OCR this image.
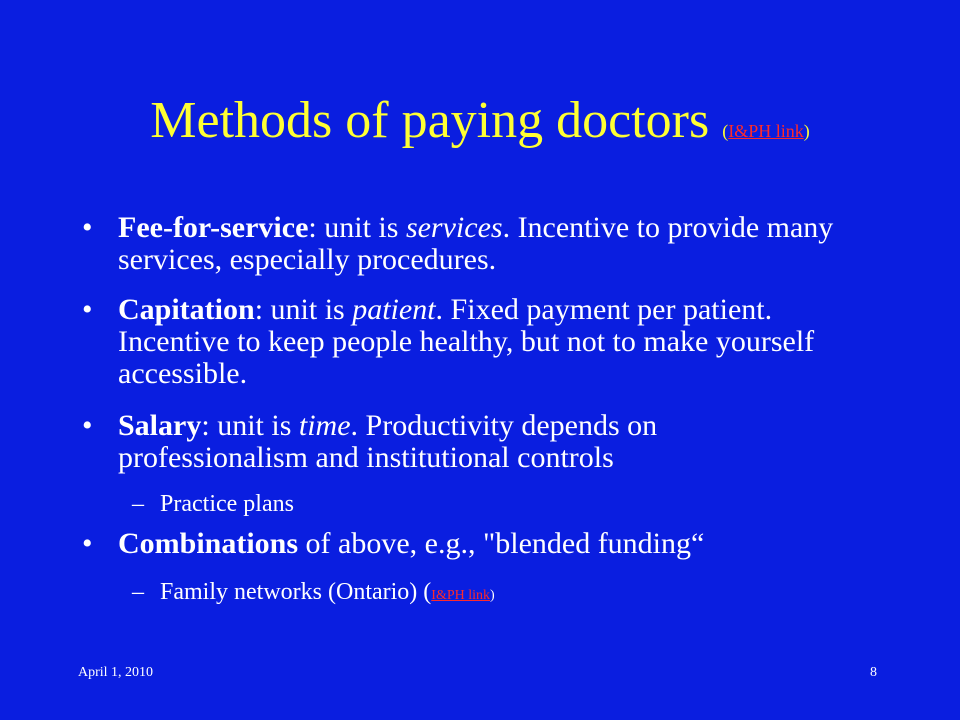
Methods of paying doctors (I&PH link)
• Fee-for-service: unit is services. Incentive to provide many services, especially procedures.
• Capitation: unit is patient. Fixed payment per patient. Incentive to keep people healthy, but not to make yourself accessible.
• Salary: unit is time. Productivity depends on professionalism and institutional controls
– Practice plans
• Combinations of above, e.g., "blended funding“
– Family networks (Ontario) (I&PH link)
April 1, 2010	8
